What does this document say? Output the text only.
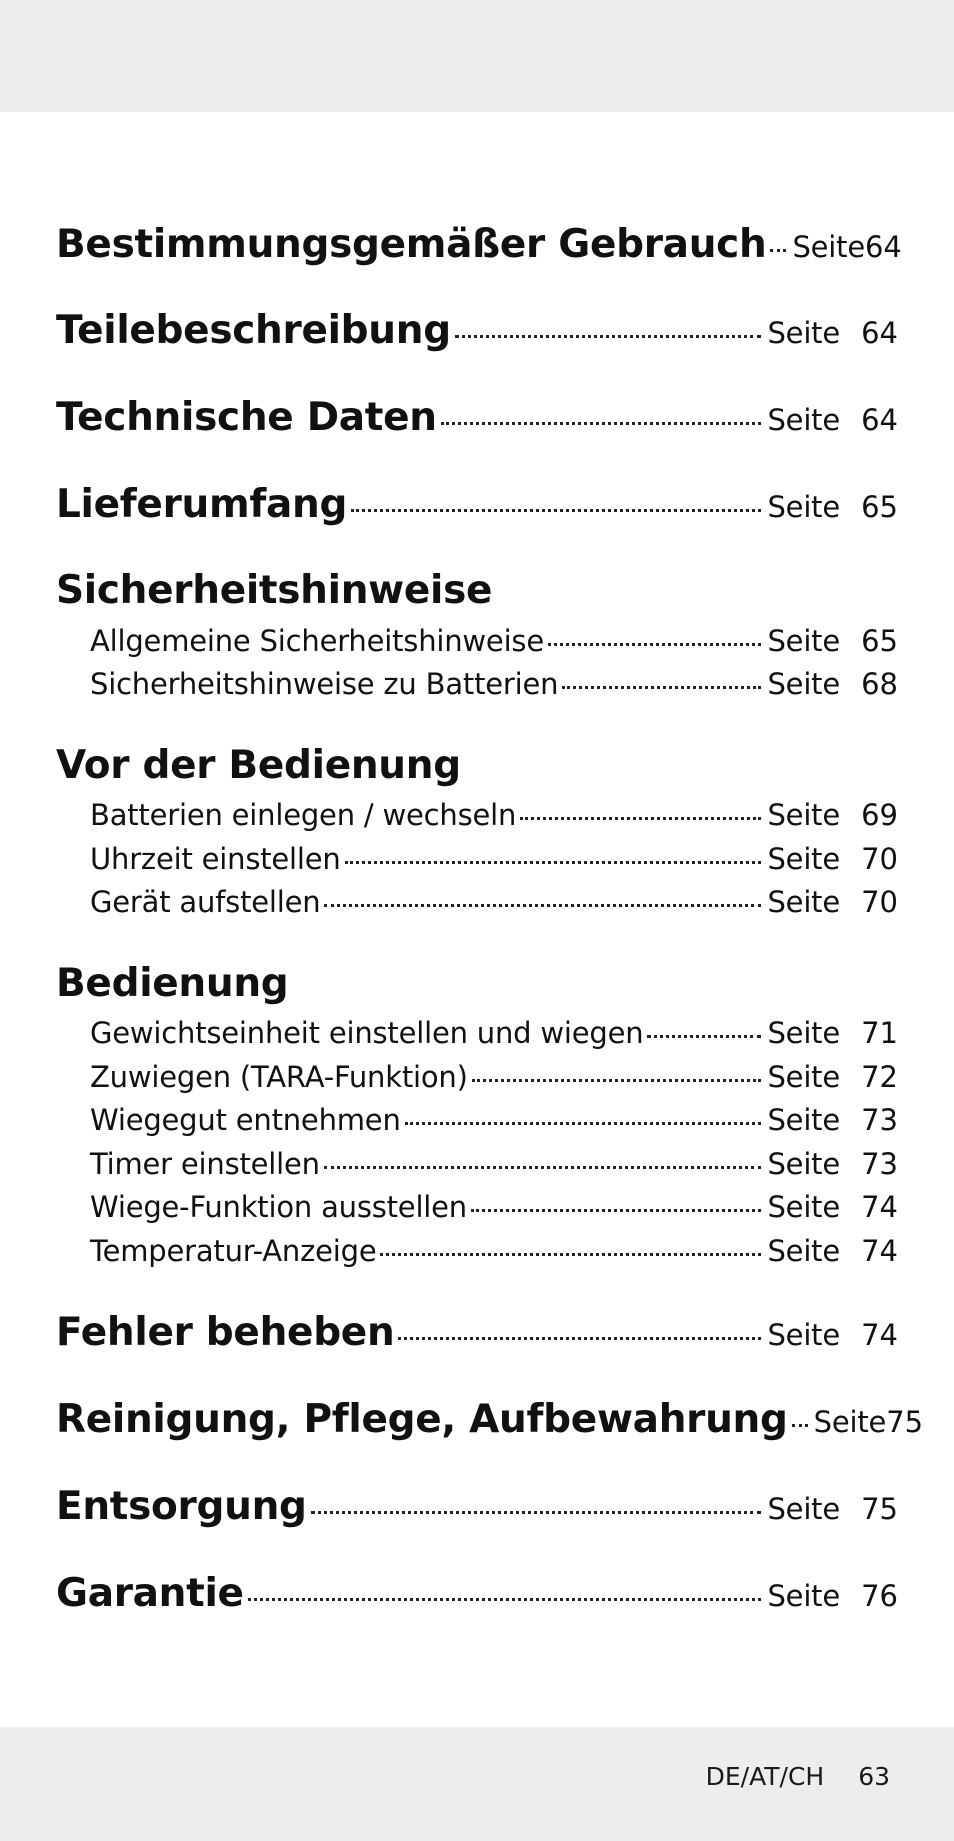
Bestimmungsgemäßer Gebrauch Seite 64
Teilebeschreibung	Seite 64
Technische Daten	Seite 64
Lieferumfang	Seite 65
Sicherheitshinweise
Allgemeine Sicherheitshinweise	Seite 65
Sicherheitshinweise zu Batterien	Seite 68
Vor der Bedienung
Batterien einlegen / wechseln	Seite 69
Uhrzeit einstellen	Seite 70
Gerät aufstellen	Seite 70
Bedienung
Gewichtseinheit einstellen und wiegen	Seite 71
Zuwiegen (TARA-Funktion)	Seite 72
Wiegegut entnehmen	Seite 73
Timer einstellen	Seite 73
Wiege-Funktion ausstellen	Seite 74
Temperatur-Anzeige	Seite 74
Fehler beheben	Seite 74
Reinigung, Pflege, Aufbewahrung Seite 75
Entsorgung	Seite 75
Garantie	Seite 76
DE/AT/CH 63
